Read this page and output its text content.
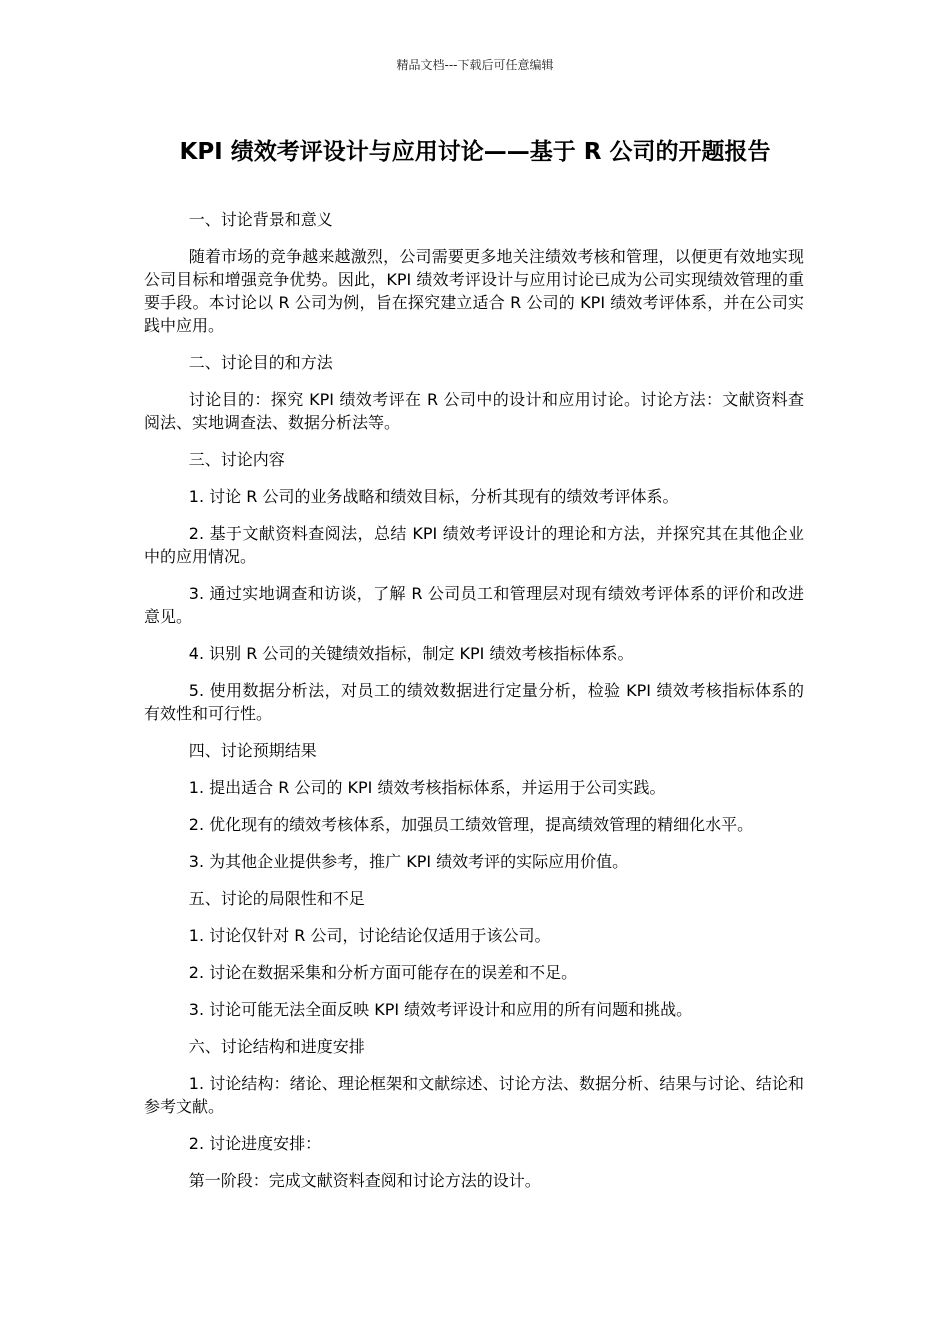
精品文档---下载后可任意编辑
KPI 绩效考评设计与应用讨论——基于 R 公司的开题报告

一、讨论背景和意义

随着市场的竞争越来越激烈，公司需要更多地关注绩效考核和管理，以便更有效地实现公司目标和增强竞争优势。因此，KPI 绩效考评设计与应用讨论已成为公司实现绩效管理的重要手段。本讨论以 R 公司为例，旨在探究建立适合 R 公司的 KPI 绩效考评体系，并在公司实践中应用。

二、讨论目的和方法

讨论目的：探究 KPI 绩效考评在 R 公司中的设计和应用讨论。讨论方法：文献资料查阅法、实地调查法、数据分析法等。

三、讨论内容

1. 讨论 R 公司的业务战略和绩效目标，分析其现有的绩效考评体系。

2. 基于文献资料查阅法，总结 KPI 绩效考评设计的理论和方法，并探究其在其他企业中的应用情况。

3. 通过实地调查和访谈，了解 R 公司员工和管理层对现有绩效考评体系的评价和改进意见。

4. 识别 R 公司的关键绩效指标，制定 KPI 绩效考核指标体系。

5. 使用数据分析法，对员工的绩效数据进行定量分析，检验 KPI 绩效考核指标体系的有效性和可行性。

四、讨论预期结果

1. 提出适合 R 公司的 KPI 绩效考核指标体系，并运用于公司实践。

2. 优化现有的绩效考核体系，加强员工绩效管理，提高绩效管理的精细化水平。

3. 为其他企业提供参考，推广 KPI 绩效考评的实际应用价值。

五、讨论的局限性和不足

1. 讨论仅针对 R 公司，讨论结论仅适用于该公司。

2. 讨论在数据采集和分析方面可能存在的误差和不足。

3. 讨论可能无法全面反映 KPI 绩效考评设计和应用的所有问题和挑战。

六、讨论结构和进度安排

1. 讨论结构：绪论、理论框架和文献综述、讨论方法、数据分析、结果与讨论、结论和参考文献。

2. 讨论进度安排：

第一阶段：完成文献资料查阅和讨论方法的设计。
